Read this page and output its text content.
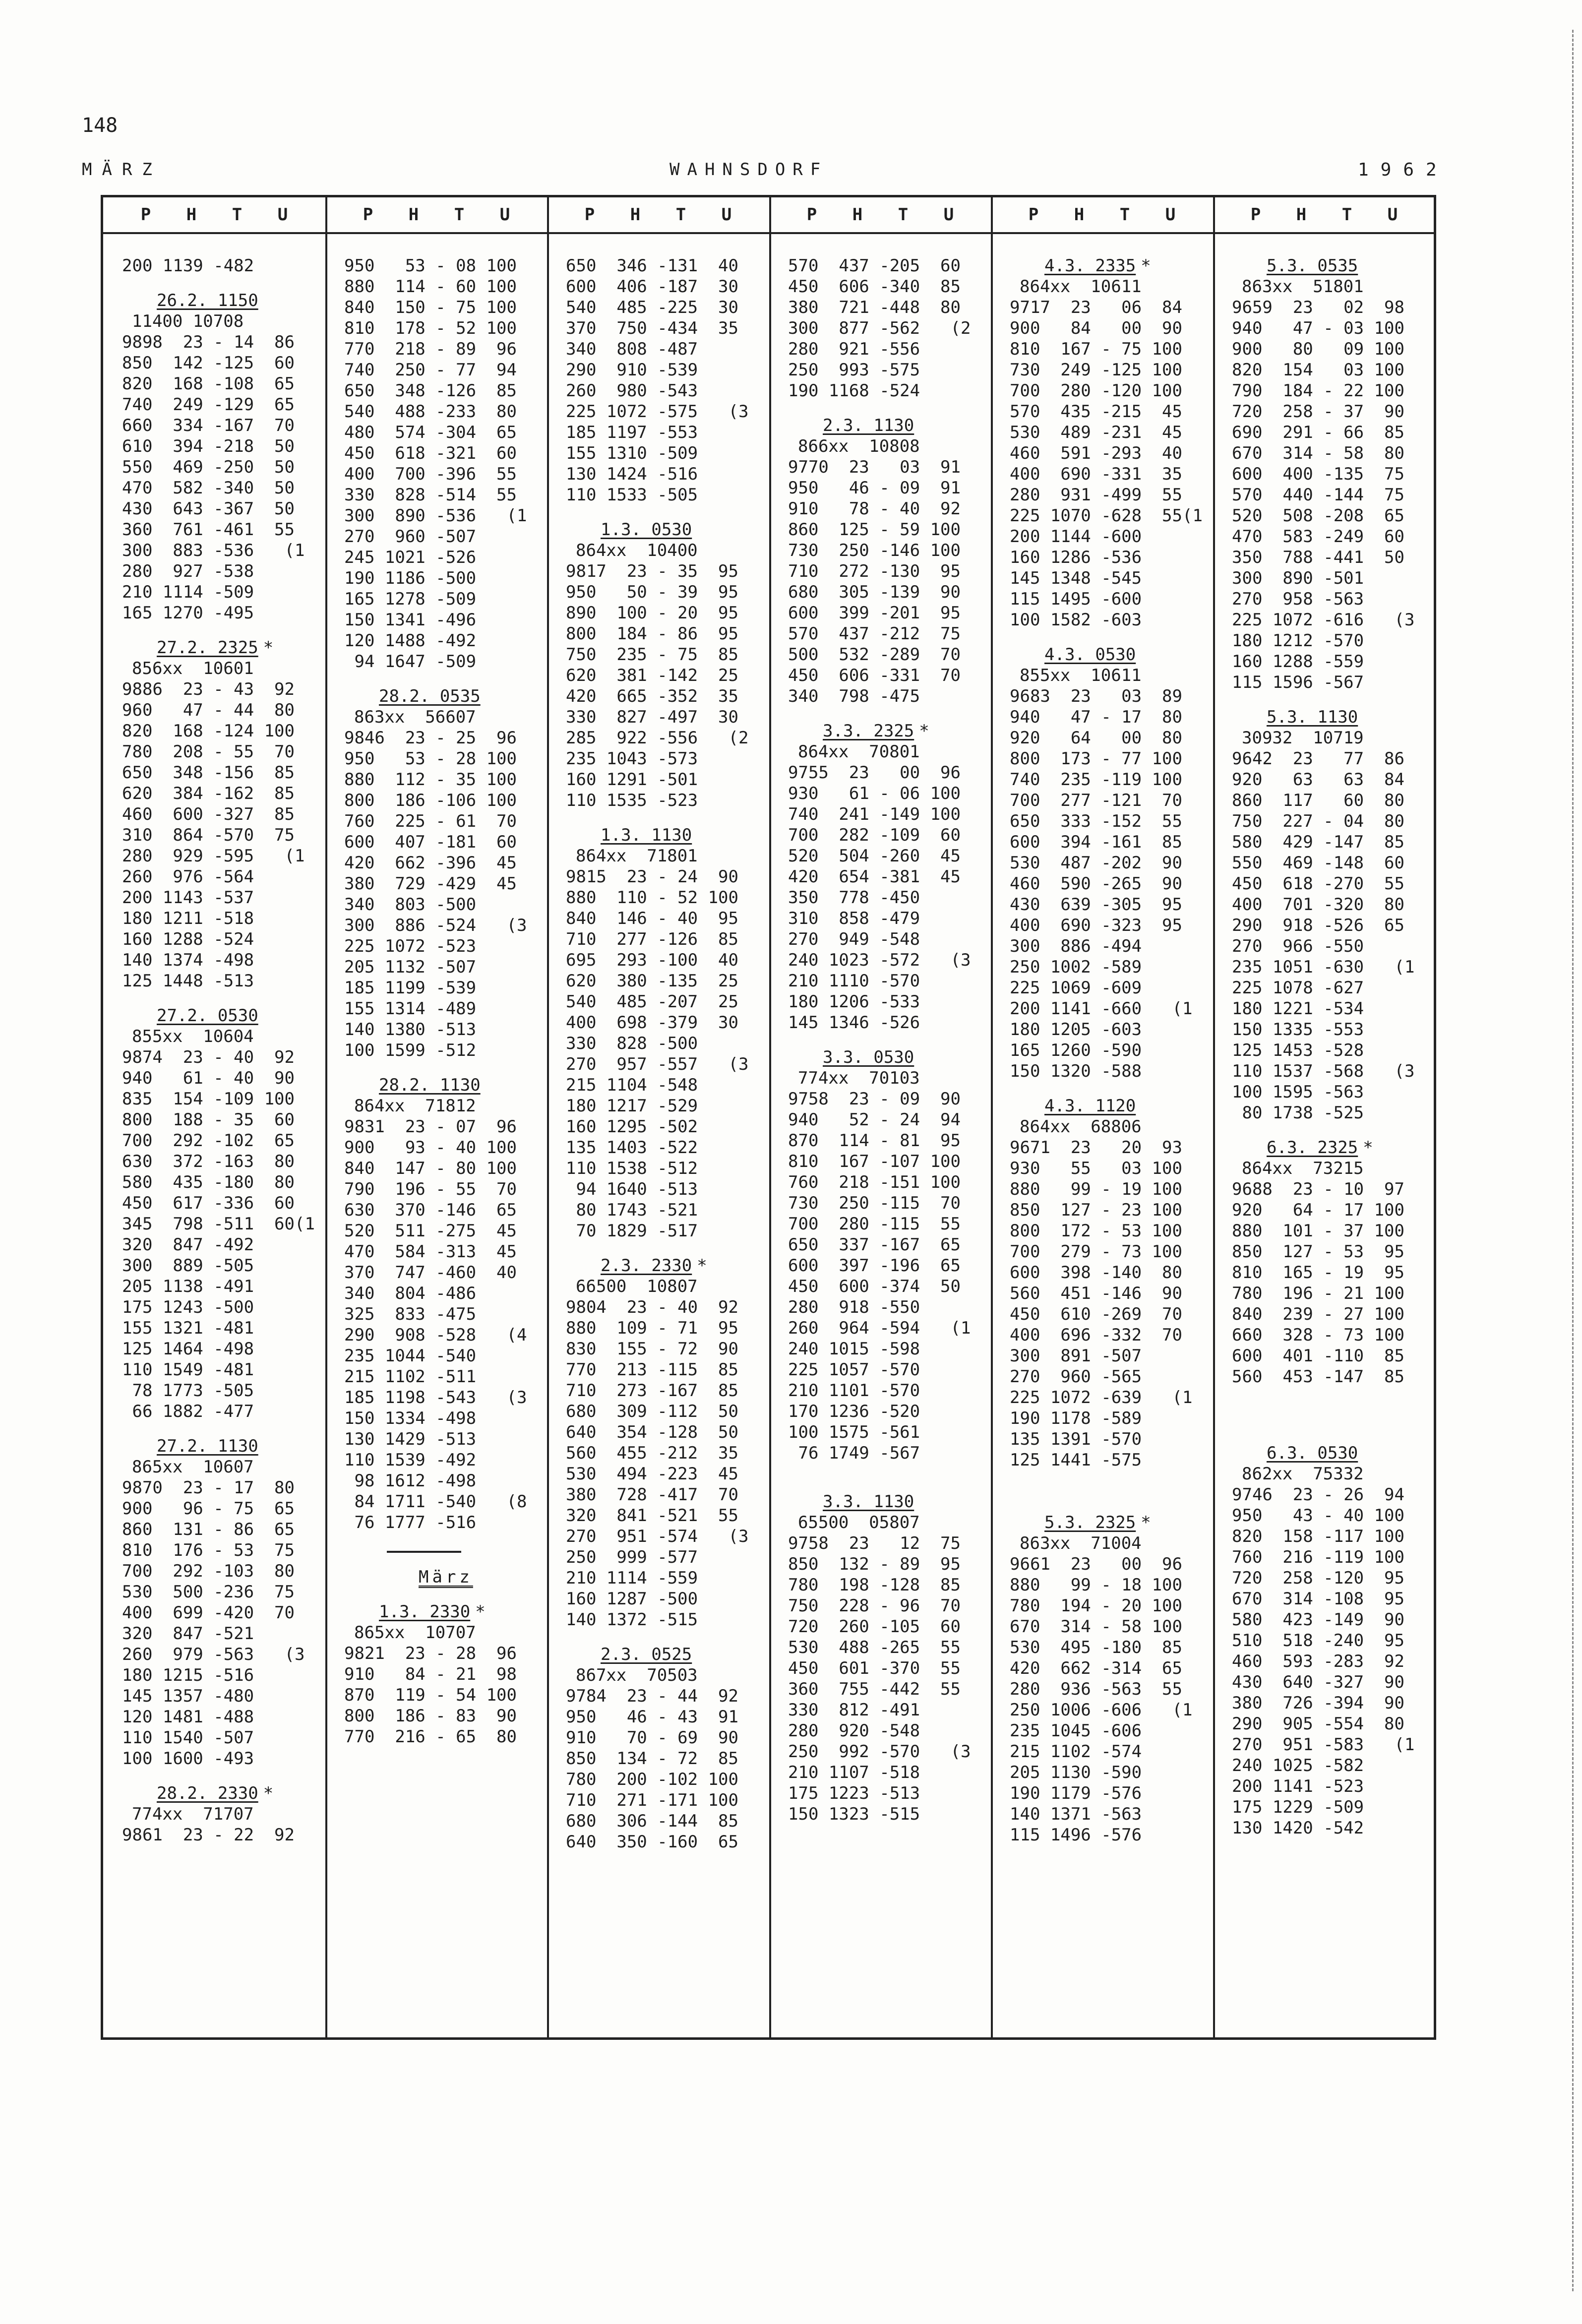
148
MÄRZ	WAHNSDORF	1962
P H T U
200 1139 -482
26.2. 1150
11400 10708
9898  23 - 14  86
850  142 -125  60
820  168 -108  65
740  249 -129  65
660  334 -167  70
610  394 -218  50
550  469 -250  50
470  582 -340  50
430  643 -367  50
360  761 -461  55
300  883 -536   (1
280  927 -538
210 1114 -509
165 1270 -495
27.2. 2325 *
856xx  10601
9886  23 - 43  92
960   47 - 44  80
820  168 -124 100
780  208 - 55  70
650  348 -156  85
620  384 -162  85
460  600 -327  85
310  864 -570  75
280  929 -595   (1
260  976 -564
200 1143 -537
180 1211 -518
160 1288 -524
140 1374 -498
125 1448 -513
27.2. 0530
855xx  10604
9874  23 - 40  92
940   61 - 40  90
835  154 -109 100
800  188 - 35  60
700  292 -102  65
630  372 -163  80
580  435 -180  80
450  617 -336  60
345  798 -511  60(1
320  847 -492
300  889 -505
205 1138 -491
175 1243 -500
155 1321 -481
125 1464 -498
110 1549 -481
78 1773 -505
66 1882 -477
27.2. 1130
865xx  10607
9870  23 - 17  80
900   96 - 75  65
860  131 - 86  65
810  176 - 53  75
700  292 -103  80
530  500 -236  75
400  699 -420  70
320  847 -521
260  979 -563   (3
180 1215 -516
145 1357 -480
120 1481 -488
110 1540 -507
100 1600 -493
28.2. 2330 *
774xx  71707
9861  23 - 22  92
P H T U
950   53 - 08 100
880  114 - 60 100
840  150 - 75 100
810  178 - 52 100
770  218 - 89  96
740  250 - 77  94
650  348 -126  85
540  488 -233  80
480  574 -304  65
450  618 -321  60
400  700 -396  55
330  828 -514  55
300  890 -536   (1
270  960 -507
245 1021 -526
190 1186 -500
165 1278 -509
150 1341 -496
120 1488 -492
94 1647 -509
28.2. 0535
863xx  56607
9846  23 - 25  96
950   53 - 28 100
880  112 - 35 100
800  186 -106 100
760  225 - 61  70
600  407 -181  60
420  662 -396  45
380  729 -429  45
340  803 -500
300  886 -524   (3
225 1072 -523
205 1132 -507
185 1199 -539
155 1314 -489
140 1380 -513
100 1599 -512
28.2. 1130
864xx  71812
9831  23 - 07  96
900   93 - 40 100
840  147 - 80 100
790  196 - 55  70
630  370 -146  65
520  511 -275  45
470  584 -313  45
370  747 -460  40
340  804 -486
325  833 -475
290  908 -528   (4
235 1044 -540
215 1102 -511
185 1198 -543   (3
150 1334 -498
130 1429 -513
110 1539 -492
98 1612 -498
84 1711 -540   (8
76 1777 -516
März
1.3. 2330 *
865xx  10707
9821  23 - 28  96
910   84 - 21  98
870  119 - 54 100
800  186 - 83  90
770  216 - 65  80
P H T U
650  346 -131  40
600  406 -187  30
540  485 -225  30
370  750 -434  35
340  808 -487
290  910 -539
260  980 -543
225 1072 -575   (3
185 1197 -553
155 1310 -509
130 1424 -516
110 1533 -505
1.3. 0530
864xx  10400
9817  23 - 35  95
950   50 - 39  95
890  100 - 20  95
800  184 - 86  95
750  235 - 75  85
620  381 -142  25
420  665 -352  35
330  827 -497  30
285  922 -556   (2
235 1043 -573
160 1291 -501
110 1535 -523
1.3. 1130
864xx  71801
9815  23 - 24  90
880  110 - 52 100
840  146 - 40  95
710  277 -126  85
695  293 -100  40
620  380 -135  25
540  485 -207  25
400  698 -379  30
330  828 -500
270  957 -557   (3
215 1104 -548
180 1217 -529
160 1295 -502
135 1403 -522
110 1538 -512
94 1640 -513
80 1743 -521
70 1829 -517
2.3. 2330 *
66500  10807
9804  23 - 40  92
880  109 - 71  95
830  155 - 72  90
770  213 -115  85
710  273 -167  85
680  309 -112  50
640  354 -128  50
560  455 -212  35
530  494 -223  45
380  728 -417  70
320  841 -521  55
270  951 -574   (3
250  999 -577
210 1114 -559
160 1287 -500
140 1372 -515
2.3. 0525
867xx  70503
9784  23 - 44  92
950   46 - 43  91
910   70 - 69  90
850  134 - 72  85
780  200 -102 100
710  271 -171 100
680  306 -144  85
640  350 -160  65
P H T U
570  437 -205  60
450  606 -340  85
380  721 -448  80
300  877 -562   (2
280  921 -556
250  993 -575
190 1168 -524
2.3. 1130
866xx  10808
9770  23   03  91
950   46 - 09  91
910   78 - 40  92
860  125 - 59 100
730  250 -146 100
710  272 -130  95
680  305 -139  90
600  399 -201  95
570  437 -212  75
500  532 -289  70
450  606 -331  70
340  798 -475
3.3. 2325 *
864xx  70801
9755  23   00  96
930   61 - 06 100
740  241 -149 100
700  282 -109  60
520  504 -260  45
420  654 -381  45
350  778 -450
310  858 -479
270  949 -548
240 1023 -572   (3
210 1110 -570
180 1206 -533
145 1346 -526
3.3. 0530
774xx  70103
9758  23 - 09  90
940   52 - 24  94
870  114 - 81  95
810  167 -107 100
760  218 -151 100
730  250 -115  70
700  280 -115  55
650  337 -167  65
600  397 -196  65
450  600 -374  50
280  918 -550
260  964 -594   (1
240 1015 -598
225 1057 -570
210 1101 -570
170 1236 -520
100 1575 -561
76 1749 -567
3.3. 1130
65500  05807
9758  23   12  75
850  132 - 89  95
780  198 -128  85
750  228 - 96  70
720  260 -105  60
530  488 -265  55
450  601 -370  55
360  755 -442  55
330  812 -491
280  920 -548
250  992 -570   (3
210 1107 -518
175 1223 -513
150 1323 -515
P H T U
4.3. 2335 *
864xx  10611
9717  23   06  84
900   84   00  90
810  167 - 75 100
730  249 -125 100
700  280 -120 100
570  435 -215  45
530  489 -231  45
460  591 -293  40
400  690 -331  35
280  931 -499  55
225 1070 -628  55(1
200 1144 -600
160 1286 -536
145 1348 -545
115 1495 -600
100 1582 -603
4.3. 0530
855xx  10611
9683  23   03  89
940   47 - 17  80
920   64   00  80
800  173 - 77 100
740  235 -119 100
700  277 -121  70
650  333 -152  55
600  394 -161  85
530  487 -202  90
460  590 -265  90
430  639 -305  95
400  690 -323  95
300  886 -494
250 1002 -589
225 1069 -609
200 1141 -660   (1
180 1205 -603
165 1260 -590
150 1320 -588
4.3. 1120
864xx  68806
9671  23   20  93
930   55   03 100
880   99 - 19 100
850  127 - 23 100
800  172 - 53 100
700  279 - 73 100
600  398 -140  80
560  451 -146  90
450  610 -269  70
400  696 -332  70
300  891 -507
270  960 -565
225 1072 -639   (1
190 1178 -589
135 1391 -570
125 1441 -575
5.3. 2325 *
863xx  71004
9661  23   00  96
880   99 - 18 100
780  194 - 20 100
670  314 - 58 100
530  495 -180  85
420  662 -314  65
280  936 -563  55
250 1006 -606   (1
235 1045 -606
215 1102 -574
205 1130 -590
190 1179 -576
140 1371 -563
115 1496 -576
P H T U
5.3. 0535
863xx  51801
9659  23   02  98
940   47 - 03 100
900   80   09 100
820  154   03 100
790  184 - 22 100
720  258 - 37  90
690  291 - 66  85
670  314 - 58  80
600  400 -135  75
570  440 -144  75
520  508 -208  65
470  583 -249  60
350  788 -441  50
300  890 -501
270  958 -563
225 1072 -616   (3
180 1212 -570
160 1288 -559
115 1596 -567
5.3. 1130
30932  10719
9642  23   77  86
920   63   63  84
860  117   60  80
750  227 - 04  80
580  429 -147  85
550  469 -148  60
450  618 -270  55
400  701 -320  80
290  918 -526  65
270  966 -550
235 1051 -630   (1
225 1078 -627
180 1221 -534
150 1335 -553
125 1453 -528
110 1537 -568   (3
100 1595 -563
80 1738 -525
6.3. 2325 *
864xx  73215
9688  23 - 10  97
920   64 - 17 100
880  101 - 37 100
850  127 - 53  95
810  165 - 19  95
780  196 - 21 100
840  239 - 27 100
660  328 - 73 100
600  401 -110  85
560  453 -147  85
6.3. 0530
862xx  75332
9746  23 - 26  94
950   43 - 40 100
820  158 -117 100
760  216 -119 100
720  258 -120  95
670  314 -108  95
580  423 -149  90
510  518 -240  95
460  593 -283  92
430  640 -327  90
380  726 -394  90
290  905 -554  80
270  951 -583   (1
240 1025 -582
200 1141 -523
175 1229 -509
130 1420 -542
